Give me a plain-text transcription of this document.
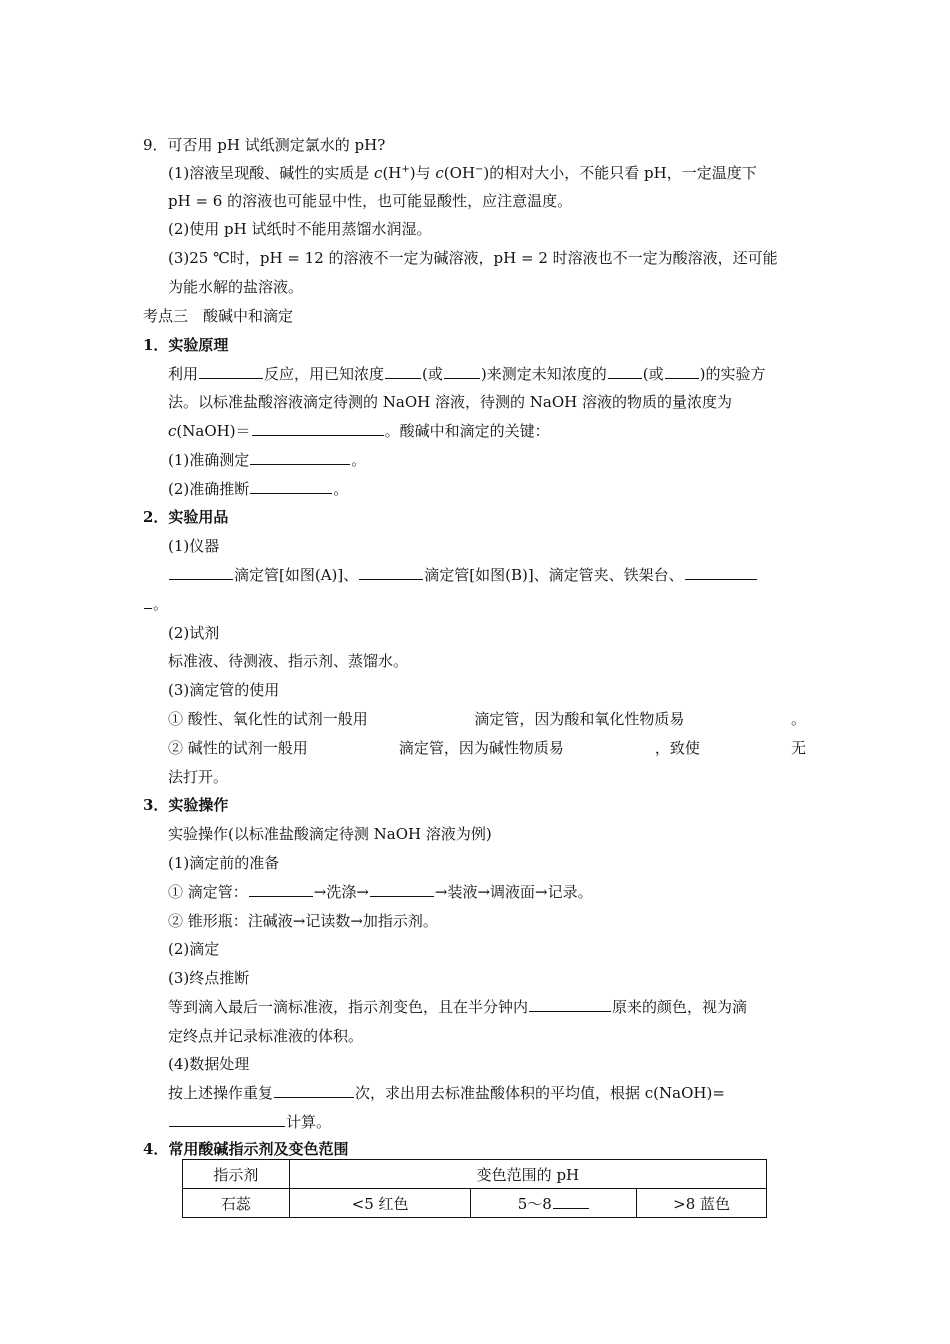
9．可否用 pH 试纸测定氯水的 pH?
(1)溶液呈现酸、碱性的实质是 c(H+)与 c(OH−)的相对大小，不能只看 pH，一定温度下
pH = 6 的溶液也可能显中性，也可能显酸性，应注意温度。
(2)使用 pH 试纸时不能用蒸馏水润湿。
(3)25 ℃时，pH = 12 的溶液不一定为碱溶液，pH = 2 时溶液也不一定为酸溶液，还可能
为能水解的盐溶液。
考点三　酸碱中和滴定
1．实验原理
利用	反应，用已知浓度	(或	)来测定未知浓度的 (或 )的实验方
法。以标准盐酸溶液滴定待测的 NaOH 溶液，待测的 NaOH 溶液的物质的量浓度为
c(NaOH)＝	。酸碱中和滴定的关键：
(1)准确测定	。
(2)准确推断	。
2．实验用品
(1)仪器
滴定管[如图(A)]、	滴定管[如图(B)]、滴定管夹、铁架台、
。
(2)试剂
标准液、待测液、指示剂、蒸馏水。
(3)滴定管的使用
① 酸性、氧化性的试剂一般用	滴定管，因为酸和氧化性物质易	。
② 碱性的试剂一般用	滴定管，因为碱性物质易	，致使	无
法打开。
3．实验操作
实验操作(以标准盐酸滴定待测 NaOH 溶液为例)
(1)滴定前的准备
① 滴定管：	→洗涤→	→装液→调液面→记录。
② 锥形瓶：注碱液→记读数→加指示剂。
(2)滴定
(3)终点推断
等到滴入最后一滴标准液，指示剂变色，且在半分钟内	原来的颜色，视为滴
定终点并记录标准液的体积。
(4)数据处理
按上述操作重复	次，求出用去标准盐酸体积的平均值，根据 c(NaOH)=
计算。
4．常用酸碱指示剂及变色范围
指示剂	变色范围的 pH		
石蕊	<5 红色	5～8	>8 蓝色
